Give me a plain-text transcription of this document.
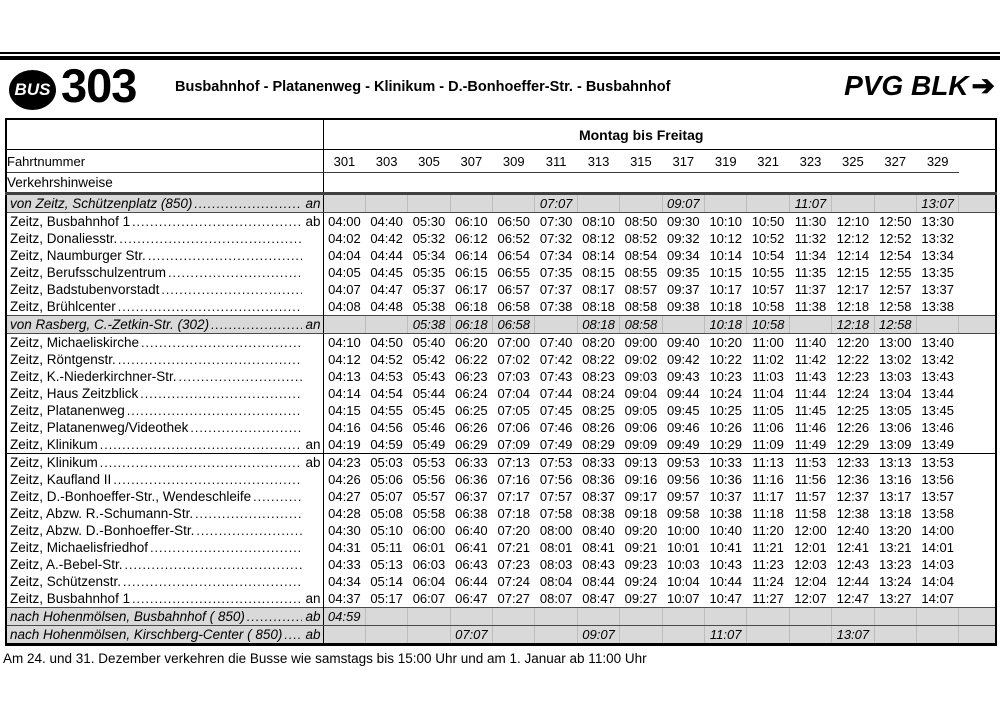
BUS 303	Busbahnhof - Platanenweg - Klinikum - D.-Bonhoeffer-Str. - Busbahnhof	PVG BLK ➔
	Montag bis Freitag															
Fahrtnummer	301	303	305	307	309	311	313	315	317	319	321	323	325	327	329	
Verkehrshinweise																

von Zeitz, Schützenplatz (850) ..... an						07:07			09:07			11:07			13:07	

Zeitz, Busbahnhof 1 ..... ab	04:00	04:40	05:30	06:10	06:50	07:30	08:10	08:50	09:30	10:10	10:50	11:30	12:10	12:50	13:30	

Zeitz, Donaliesstr.
.....	04:02	04:42	05:32	06:12	06:52	07:32	08:12	08:52	09:32	10:12	10:52	11:32	12:12	12:52	13:32	

Zeitz, Naumburger Str.
.....	04:04	04:44	05:34	06:14	06:54	07:34	08:14	08:54	09:34	10:14	10:54	11:34	12:14	12:54	13:34	

Zeitz, Berufsschulzentrum
.....	04:05	04:45	05:35	06:15	06:55	07:35	08:15	08:55	09:35	10:15	10:55	11:35	12:15	12:55	13:35	

Zeitz, Badstubenvorstadt
.....	04:07	04:47	05:37	06:17	06:57	07:37	08:17	08:57	09:37	10:17	10:57	11:37	12:17	12:57	13:37	

Zeitz, Brühlcenter
.....	04:08	04:48	05:38	06:18	06:58	07:38	08:18	08:58	09:38	10:18	10:58	11:38	12:18	12:58	13:38	

von Rasberg, C.-Zetkin-Str. (302) ..... an			05:38	06:18	06:58		08:18	08:58		10:18	10:58		12:18	12:58		

Zeitz, Michaeliskirche
.....	04:10	04:50	05:40	06:20	07:00	07:40	08:20	09:00	09:40	10:20	11:00	11:40	12:20	13:00	13:40	

Zeitz, Röntgenstr.
.....	04:12	04:52	05:42	06:22	07:02	07:42	08:22	09:02	09:42	10:22	11:02	11:42	12:22	13:02	13:42	

Zeitz, K.-Niederkirchner-Str.
.....	04:13	04:53	05:43	06:23	07:03	07:43	08:23	09:03	09:43	10:23	11:03	11:43	12:23	13:03	13:43	

Zeitz, Haus Zeitzblick
.....	04:14	04:54	05:44	06:24	07:04	07:44	08:24	09:04	09:44	10:24	11:04	11:44	12:24	13:04	13:44	

Zeitz, Platanenweg
.....	04:15	04:55	05:45	06:25	07:05	07:45	08:25	09:05	09:45	10:25	11:05	11:45	12:25	13:05	13:45	

Zeitz, Platanenweg/Videothek
.....	04:16	04:56	05:46	06:26	07:06	07:46	08:26	09:06	09:46	10:26	11:06	11:46	12:26	13:06	13:46	

Zeitz, Klinikum ..... an	04:19	04:59	05:49	06:29	07:09	07:49	08:29	09:09	09:49	10:29	11:09	11:49	12:29	13:09	13:49	

Zeitz, Klinikum ..... ab	04:23	05:03	05:53	06:33	07:13	07:53	08:33	09:13	09:53	10:33	11:13	11:53	12:33	13:13	13:53	

Zeitz, Kaufland II
.....	04:26	05:06	05:56	06:36	07:16	07:56	08:36	09:16	09:56	10:36	11:16	11:56	12:36	13:16	13:56	

Zeitz, D.-Bonhoeffer-Str., Wendeschleife
.....	04:27	05:07	05:57	06:37	07:17	07:57	08:37	09:17	09:57	10:37	11:17	11:57	12:37	13:17	13:57	

Zeitz, Abzw. R.-Schumann-Str.
.....	04:28	05:08	05:58	06:38	07:18	07:58	08:38	09:18	09:58	10:38	11:18	11:58	12:38	13:18	13:58	

Zeitz, Abzw. D.-Bonhoeffer-Str.
.....	04:30	05:10	06:00	06:40	07:20	08:00	08:40	09:20	10:00	10:40	11:20	12:00	12:40	13:20	14:00	

Zeitz, Michaelisfriedhof
.....	04:31	05:11	06:01	06:41	07:21	08:01	08:41	09:21	10:01	10:41	11:21	12:01	12:41	13:21	14:01	

Zeitz, A.-Bebel-Str.
.....	04:33	05:13	06:03	06:43	07:23	08:03	08:43	09:23	10:03	10:43	11:23	12:03	12:43	13:23	14:03	

Zeitz, Schützenstr.
.....	04:34	05:14	06:04	06:44	07:24	08:04	08:44	09:24	10:04	10:44	11:24	12:04	12:44	13:24	14:04	

Zeitz, Busbahnhof 1 ..... an	04:37	05:17	06:07	06:47	07:27	08:07	08:47	09:27	10:07	10:47	11:27	12:07	12:47	13:27	14:07	

nach Hohenmölsen, Busbahnhof ( 850) ..... ab	04:59															

nach Hohenmölsen, Kirschberg-Center ( 850) ..... ab				07:07			09:07			11:07			13:07			
Am 24. und 31. Dezember verkehren die Busse wie samstags bis 15:00 Uhr und am 1. Januar ab 11:00 Uhr
